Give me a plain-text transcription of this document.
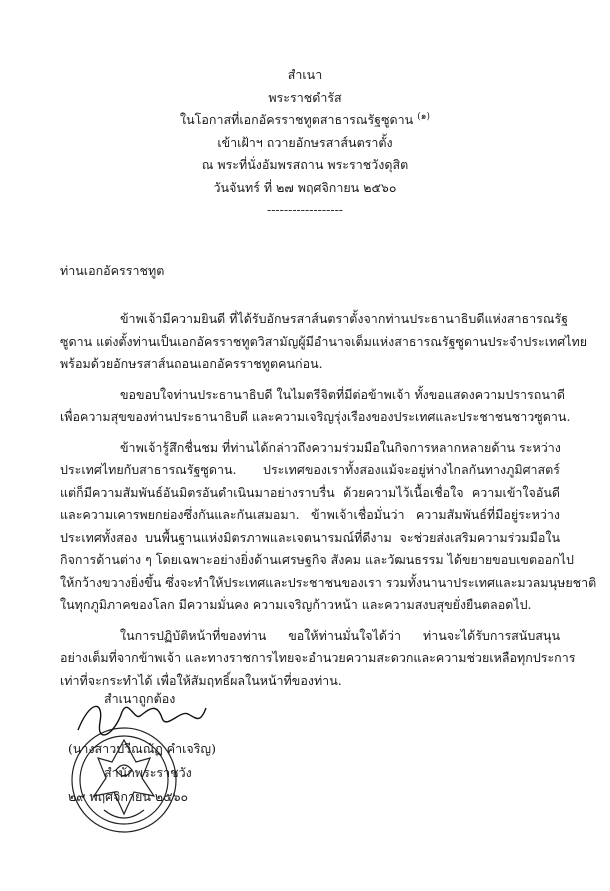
สำเนา
พระราชดำรัส
ในโอกาสที่เอกอัครราชทูตสาธารณรัฐซูดาน $^{(๑)}$
เข้าเฝ้าฯ ถวายอักษรสาส์นตราตั้ง
ณ พระที่นั่งอัมพรสถาน พระราชวังดุสิต
วันจันทร์ ที่ ๒๗ พฤศจิกายน ๒๕๖๐
------------------
ท่านเอกอัครราชทูต
ข้าพเจ้ามีความยินดี ที่ได้รับอักษรสาส์นตราตั้งจากท่านประธานาธิบดีแห่งสาธารณรัฐ
ซูดาน แต่งตั้งท่านเป็นเอกอัครราชทูตวิสามัญผู้มีอำนาจเต็มแห่งสาธารณรัฐซูดานประจำประเทศไทย
พร้อมด้วยอักษรสาส์นถอนเอกอัครราชทูตคนก่อน.
ขอขอบใจท่านประธานาธิบดี ในไมตรีจิตที่มีต่อข้าพเจ้า ทั้งขอแสดงความปรารถนาดี
เพื่อความสุขของท่านประธานาธิบดี และความเจริญรุ่งเรืองของประเทศและประชาชนชาวซูดาน.
ข้าพเจ้ารู้สึกชื่นชม ที่ท่านได้กล่าวถึงความร่วมมือในกิจการหลากหลายด้าน ระหว่าง
ประเทศไทยกับสาธารณรัฐซูดาน. ประเทศของเราทั้งสองแม้จะอยู่ห่างไกลกันทางภูมิศาสตร์
แต่ก็มีความสัมพันธ์อันมิตรอันดำเนินมาอย่างราบรื่น ด้วยความไว้เนื้อเชื่อใจ ความเข้าใจอันดี
และความเคารพยกย่องซึ่งกันและกันเสมอมา. ข้าพเจ้าเชื่อมั่นว่า ความสัมพันธ์ที่มีอยู่ระหว่าง
ประเทศทั้งสอง บนพื้นฐานแห่งมิตรภาพและเจตนารมณ์ที่ดีงาม จะช่วยส่งเสริมความร่วมมือใน
กิจการด้านต่าง ๆ โดยเฉพาะอย่างยิ่งด้านเศรษฐกิจ สังคม และวัฒนธรรม ได้ขยายขอบเขตออกไป
ให้กว้างขวางยิ่งขึ้น ซึ่งจะทำให้ประเทศและประชาชนของเรา รวมทั้งนานาประเทศและมวลมนุษยชาติ
ในทุกภูมิภาคของโลก มีความมั่นคง ความเจริญก้าวหน้า และความสงบสุขยั่งยืนตลอดไป.
ในการปฏิบัติหน้าที่ของท่าน ขอให้ท่านมั่นใจได้ว่า ท่านจะได้รับการสนับสนุน
อย่างเต็มที่จากข้าพเจ้า และทางราชการไทยจะอำนวยความสะดวกและความช่วยเหลือทุกประการ
เท่าที่จะกระทำได้ เพื่อให้สัมฤทธิ์ผลในหน้าที่ของท่าน.
สำเนาถูกต้อง
(นางสาวปวีณณัฏ คำเจริญ)
สำนักพระราชวัง
๒๙ พฤศจิกายน ๒๕๖๐
